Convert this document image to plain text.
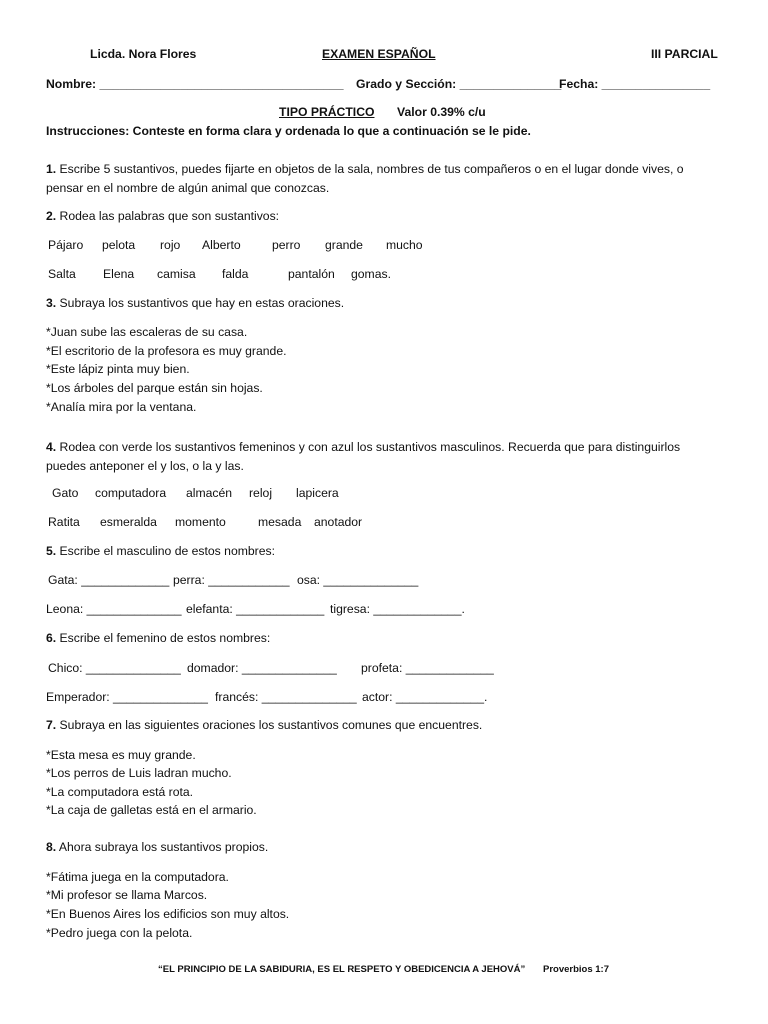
Licda. Nora Flores	EXAMEN ESPAÑOL	III PARCIAL
Nombre: ____________________________________ Grado y Sección: _______________
Fecha: ________________
TIPO PRÁCTICO Valor 0.39% c/u
Instrucciones: Conteste en forma clara y ordenada lo que a continuación se le pide.
1. Escribe 5 sustantivos, puedes fijarte en objetos de la sala, nombres de tus compañeros o en el lugar donde vives, o pensar en el nombre de algún animal que conozcas.
2. Rodea las palabras que son sustantivos:
Pájaro pelota rojo Alberto	perro grande mucho
Salta Elena camisa falda	pantalón gomas.
3. Subraya los sustantivos que hay en estas oraciones.
*Juan sube las escaleras de su casa.
*El escritorio de la profesora es muy grande.
*Este lápiz pinta muy bien.
*Los árboles del parque están sin hojas.
*Analía mira por la ventana.
4. Rodea con verde los sustantivos femeninos y con azul los sustantivos masculinos. Recuerda que para distinguirlos puedes anteponer el y los, o la y las.
Gato computadora almacén reloj lapicera
Ratita esmeralda momento	mesada anotador
5. Escribe el masculino de estos nombres:
Gata: _____________ perra: ____________ osa: ______________
Leona: ______________ elefanta: _____________ tigresa: _____________.
6. Escribe el femenino de estos nombres:
Chico: ______________ domador: ______________ profeta: _____________
Emperador: ______________ francés: ______________ actor: _____________.
7. Subraya en las siguientes oraciones los sustantivos comunes que encuentres.
*Esta mesa es muy grande.
*Los perros de Luis ladran mucho.
*La computadora está rota.
*La caja de galletas está en el armario.
8. Ahora subraya los sustantivos propios.
*Fátima juega en la computadora.
*Mi profesor se llama Marcos.
*En Buenos Aires los edificios son muy altos.
*Pedro juega con la pelota.
“EL PRINCIPIO DE LA SABIDURIA, ES EL RESPETO Y OBEDICENCIA A JEHOVÁ” Proverbios 1:7
